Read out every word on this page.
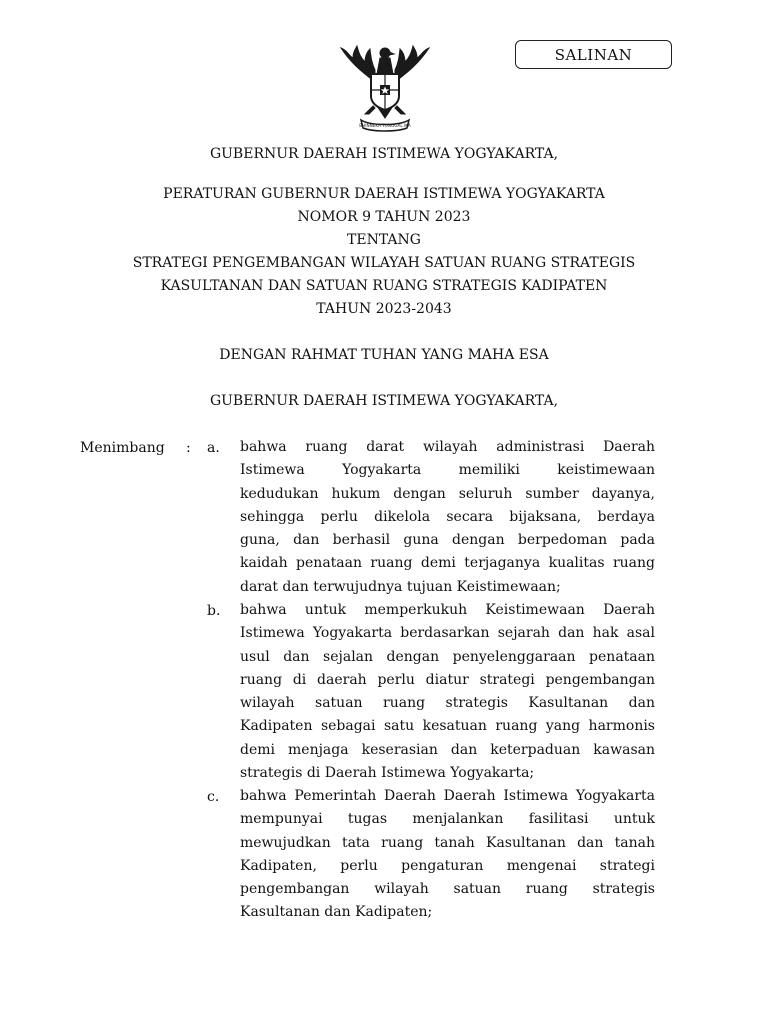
SALINAN
BHINNEKA TUNGGAL IKA
GUBERNUR DAERAH ISTIMEWA YOGYAKARTA,
PERATURAN GUBERNUR DAERAH ISTIMEWA YOGYAKARTA
NOMOR 9 TAHUN 2023
TENTANG
STRATEGI PENGEMBANGAN WILAYAH SATUAN RUANG STRATEGIS
KASULTANAN DAN SATUAN RUANG STRATEGIS KADIPATEN
TAHUN 2023-2043
DENGAN RAHMAT TUHAN YANG MAHA ESA
GUBERNUR DAERAH ISTIMEWA YOGYAKARTA,
Menimbang : a. bahwa ruang darat wilayah administrasi Daerah
Istimewa Yogyakarta memiliki keistimewaan
kedudukan hukum dengan seluruh sumber dayanya,
sehingga perlu dikelola secara bijaksana, berdaya
guna, dan berhasil guna dengan berpedoman pada
kaidah penataan ruang demi terjaganya kualitas ruang
darat dan terwujudnya tujuan Keistimewaan;
b. bahwa untuk memperkukuh Keistimewaan Daerah
Istimewa Yogyakarta berdasarkan sejarah dan hak asal
usul dan sejalan dengan penyelenggaraan penataan
ruang di daerah perlu diatur strategi pengembangan
wilayah satuan ruang strategis Kasultanan dan
Kadipaten sebagai satu kesatuan ruang yang harmonis
demi menjaga keserasian dan keterpaduan kawasan
strategis di Daerah Istimewa Yogyakarta;
c. bahwa Pemerintah Daerah Daerah Istimewa Yogyakarta
mempunyai tugas menjalankan fasilitasi untuk
mewujudkan tata ruang tanah Kasultanan dan tanah
Kadipaten, perlu pengaturan mengenai strategi
pengembangan wilayah satuan ruang strategis
Kasultanan dan Kadipaten;
